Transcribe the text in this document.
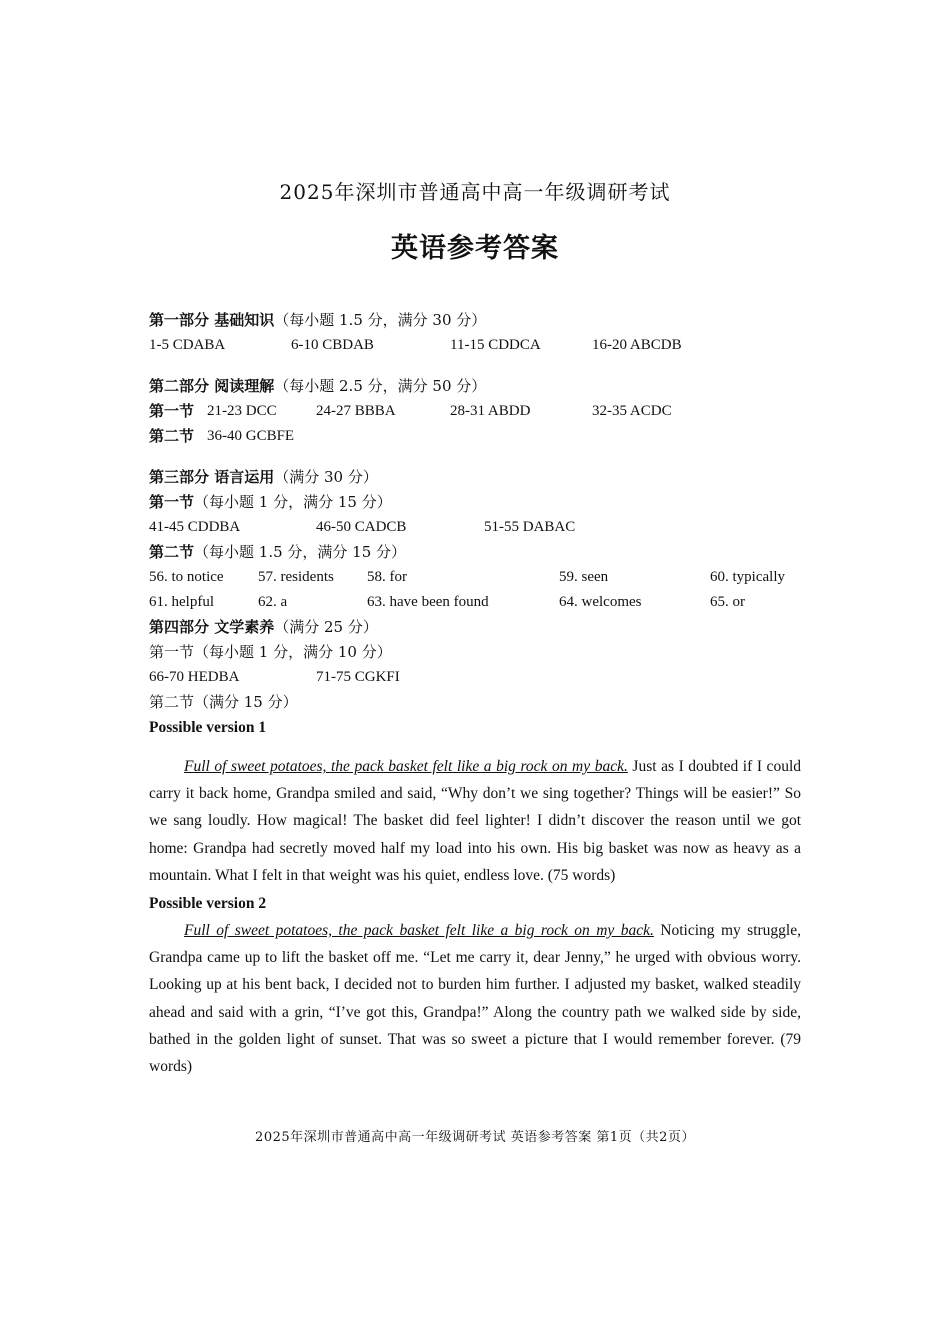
2025年深圳市普通高中高一年级调研考试
英语参考答案
第一部分 基础知识（每小题 1.5 分，满分 30 分）
1-5 CDABA	6-10 CBDAB	11-15 CDDCA	16-20 ABCDB
第二部分 阅读理解（每小题 2.5 分，满分 50 分）
第一节 21-23 DCC	24-27 BBBA	28-31 ABDD	32-35 ACDC
第二节 36-40 GCBFE
第三部分 语言运用（满分 30 分）
第一节（每小题 1 分，满分 15 分）
41-45 CDDBA	46-50 CADCB	51-55 DABAC
第二节（每小题 1.5 分，满分 15 分）
56. to notice 57. residents 58. for	59. seen	60. typically
61. helpful	62. a	63. have been found	64. welcomes	65. or
第四部分 文学素养（满分 25 分）
第一节（每小题 1 分，满分 10 分）
66-70 HEDBA	71-75 CGKFI
第二节（满分 15 分）
Possible version 1

Full of sweet potatoes, the pack basket felt like a big rock on my back. Just as I doubted if I could carry it back home, Grandpa smiled and said, “Why don’t we sing together? Things will be easier!” So we sang loudly. How magical! The basket did feel lighter! I didn’t discover the reason until we got home: Grandpa had secretly moved half my load into his own. His big basket was now as heavy as a mountain. What I felt in that weight was his quiet, endless love. (75 words)

Possible version 2

Full of sweet potatoes, the pack basket felt like a big rock on my back. Noticing my struggle, Grandpa came up to lift the basket off me. “Let me carry it, dear Jenny,” he urged with obvious worry. Looking up at his bent back, I decided not to burden him further. I adjusted my basket, walked steadily ahead and said with a grin, “I’ve got this, Grandpa!” Along the country path we walked side by side, bathed in the golden light of sunset. That was so sweet a picture that I would remember forever. (79 words)

2025年深圳市普通高中高一年级调研考试 英语参考答案 第1页（共2页）
